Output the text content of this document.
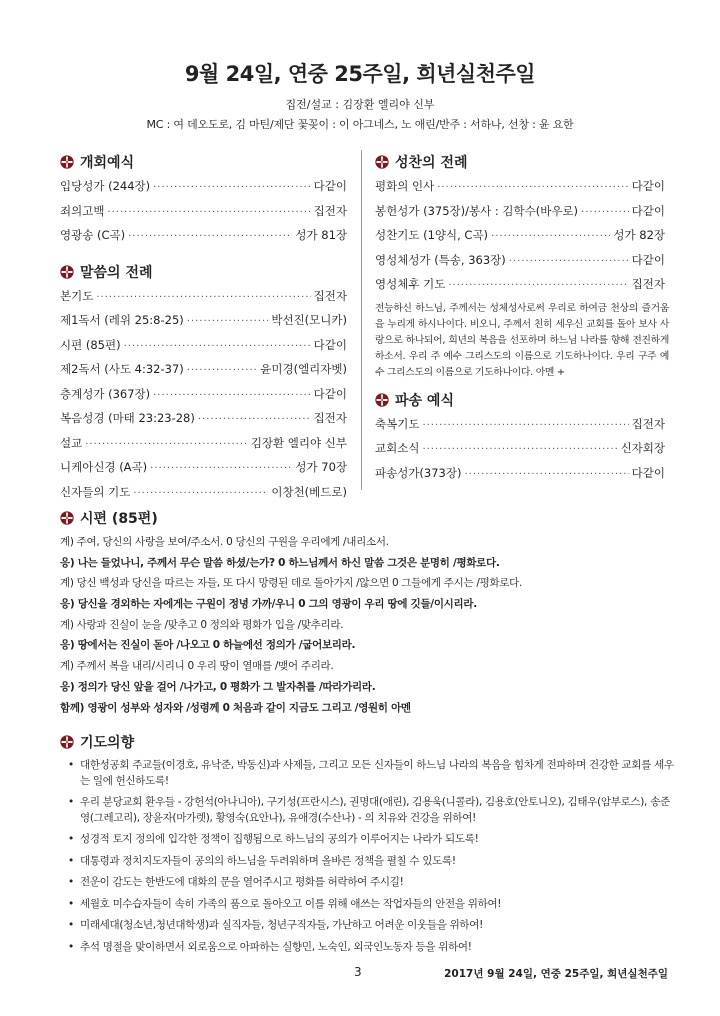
9월 24일, 연중 25주일, 희년실천주일
집전/설교 : 김장환 엘리야 신부
MC : 여 데오도로, 김 마틴/제단 꽃꽂이 : 이 아그네스, 노 애린/반주 : 서하나, 선창 : 윤 요한
개회예식
입당성가 (244장) ·····	다같이
죄의고백 ·····	집전자
영광송 (C곡) ·····	성가 81장
말씀의 전례
본기도 ·····	집전자
제1독서 (레위 25:8-25) ·····	박선진(모니카)
시편 (85편) ·····	다같이
제2독서 (사도 4:32-37) ·····	윤미경(엘리자벳)
층계성가 (367장) ·····	다같이
복음성경 (마태 23:23-28) ·····	집전자
설교 ·····	김장환 엘리야 신부
니케아신경 (A곡) ·····	성가 70장
신자들의 기도 ·····	이창천(베드로)
성찬의 전례
평화의 인사 ·····	다같이
봉헌성가 (375장)/봉사 : 김학수(바우로) ·····	다같이
성찬기도 (1양식, C곡) ·····	성가 82장
영성체성가 (특송, 363장) ·····	다같이
영성체후 기도 ·····	집전자
전능하신 하느님, 주께서는 성체성사로써 우리로 하여금 천상의 즐거움을 누리게 하시나이다. 비오니, 주께서 친히 세우신 교회를 돌아 보사 사랑으로 하나되어, 희년의 복음을 선포하며 하느님 나라를 향해 전진하게 하소서. 우리 주 예수 그리스도의 이름으로 기도하나이다. 우리 구주 예수 그리스도의 이름으로 기도하나이다. 아멘 +
파송 예식
축복기도 ·····	집전자
교회소식 ·····	신자회장
파송성가(373장) ·····	다같이
시편 (85편)
계) 주여, 당신의 사랑을 보여/주소서. 0 당신의 구원을 우리에게 /내리소서.
응) 나는 들었나니, 주께서 무슨 말씀 하셨/는가? 0 하느님께서 하신 말씀 그것은 분명히 /평화로다.
계) 당신 백성과 당신을 따르는 자들, 또 다시 망령된 데로 돌아가지 /않으면 0 그들에게 주시는 /평화로다.
응) 당신을 경외하는 자에게는 구원이 정녕 가까/우니 0 그의 영광이 우리 땅에 깃들/이시리라.
계) 사랑과 진실이 눈을 /맞추고 0 정의와 평화가 입을 /맞추리라.
응) 땅에서는 진실이 돋아 /나오고 0 하늘에선 정의가 /굽어보리라.
계) 주께서 복을 내리/시리니 0 우리 땅이 열매를 /맺어 주리라.
응) 정의가 당신 앞을 걸어 /나가고, 0 평화가 그 발자취를 /따라가리라.
함께) 영광이 성부와 성자와 /성령께 0 처음과 같이 지금도 그리고 /영원히 아멘
기도의향
• 대한성공회 주교들(이경호, 유낙준, 박동신)과 사제들, 그리고 모든 신자들이 하느님 나라의 복음을 힘차게 전파하며 건강한 교회를 세우는 일에 헌신하도록!
• 우리 분당교회 환우들 - 강헌석(아나니아), 구기성(프란시스), 권명대(애린), 김용욱(니콜라), 김용호(안토니오), 김태우(암부로스), 송준영(그레고리), 장윤자(마가렛), 황영숙(요안나), 유애경(수산나) - 의 치유와 건강을 위하여!
• 성경적 토지 정의에 입각한 정책이 집행됨으로 하느님의 공의가 이루어지는 나라가 되도록!
• 대통령과 정치지도자들이 공의의 하느님을 두려워하며 올바른 정책을 펼칠 수 있도록!
• 전운이 감도는 한반도에 대화의 문을 열어주시고 평화를 허락하여 주시길!
• 세월호 미수습자들이 속히 가족의 품으로 돌아오고 이를 위해 애쓰는 작업자들의 안전을 위하여!
• 미래세대(청소년,청년대학생)과 실직자들, 청년구직자들, 가난하고 어려운 이웃들을 위하여!
• 추석 명절을 맞이하면서 외로움으로 아파하는 실향민, 노숙인, 외국인노동자 등을 위하여!
3	2017년 9월 24일, 연중 25주일, 희년실천주일
